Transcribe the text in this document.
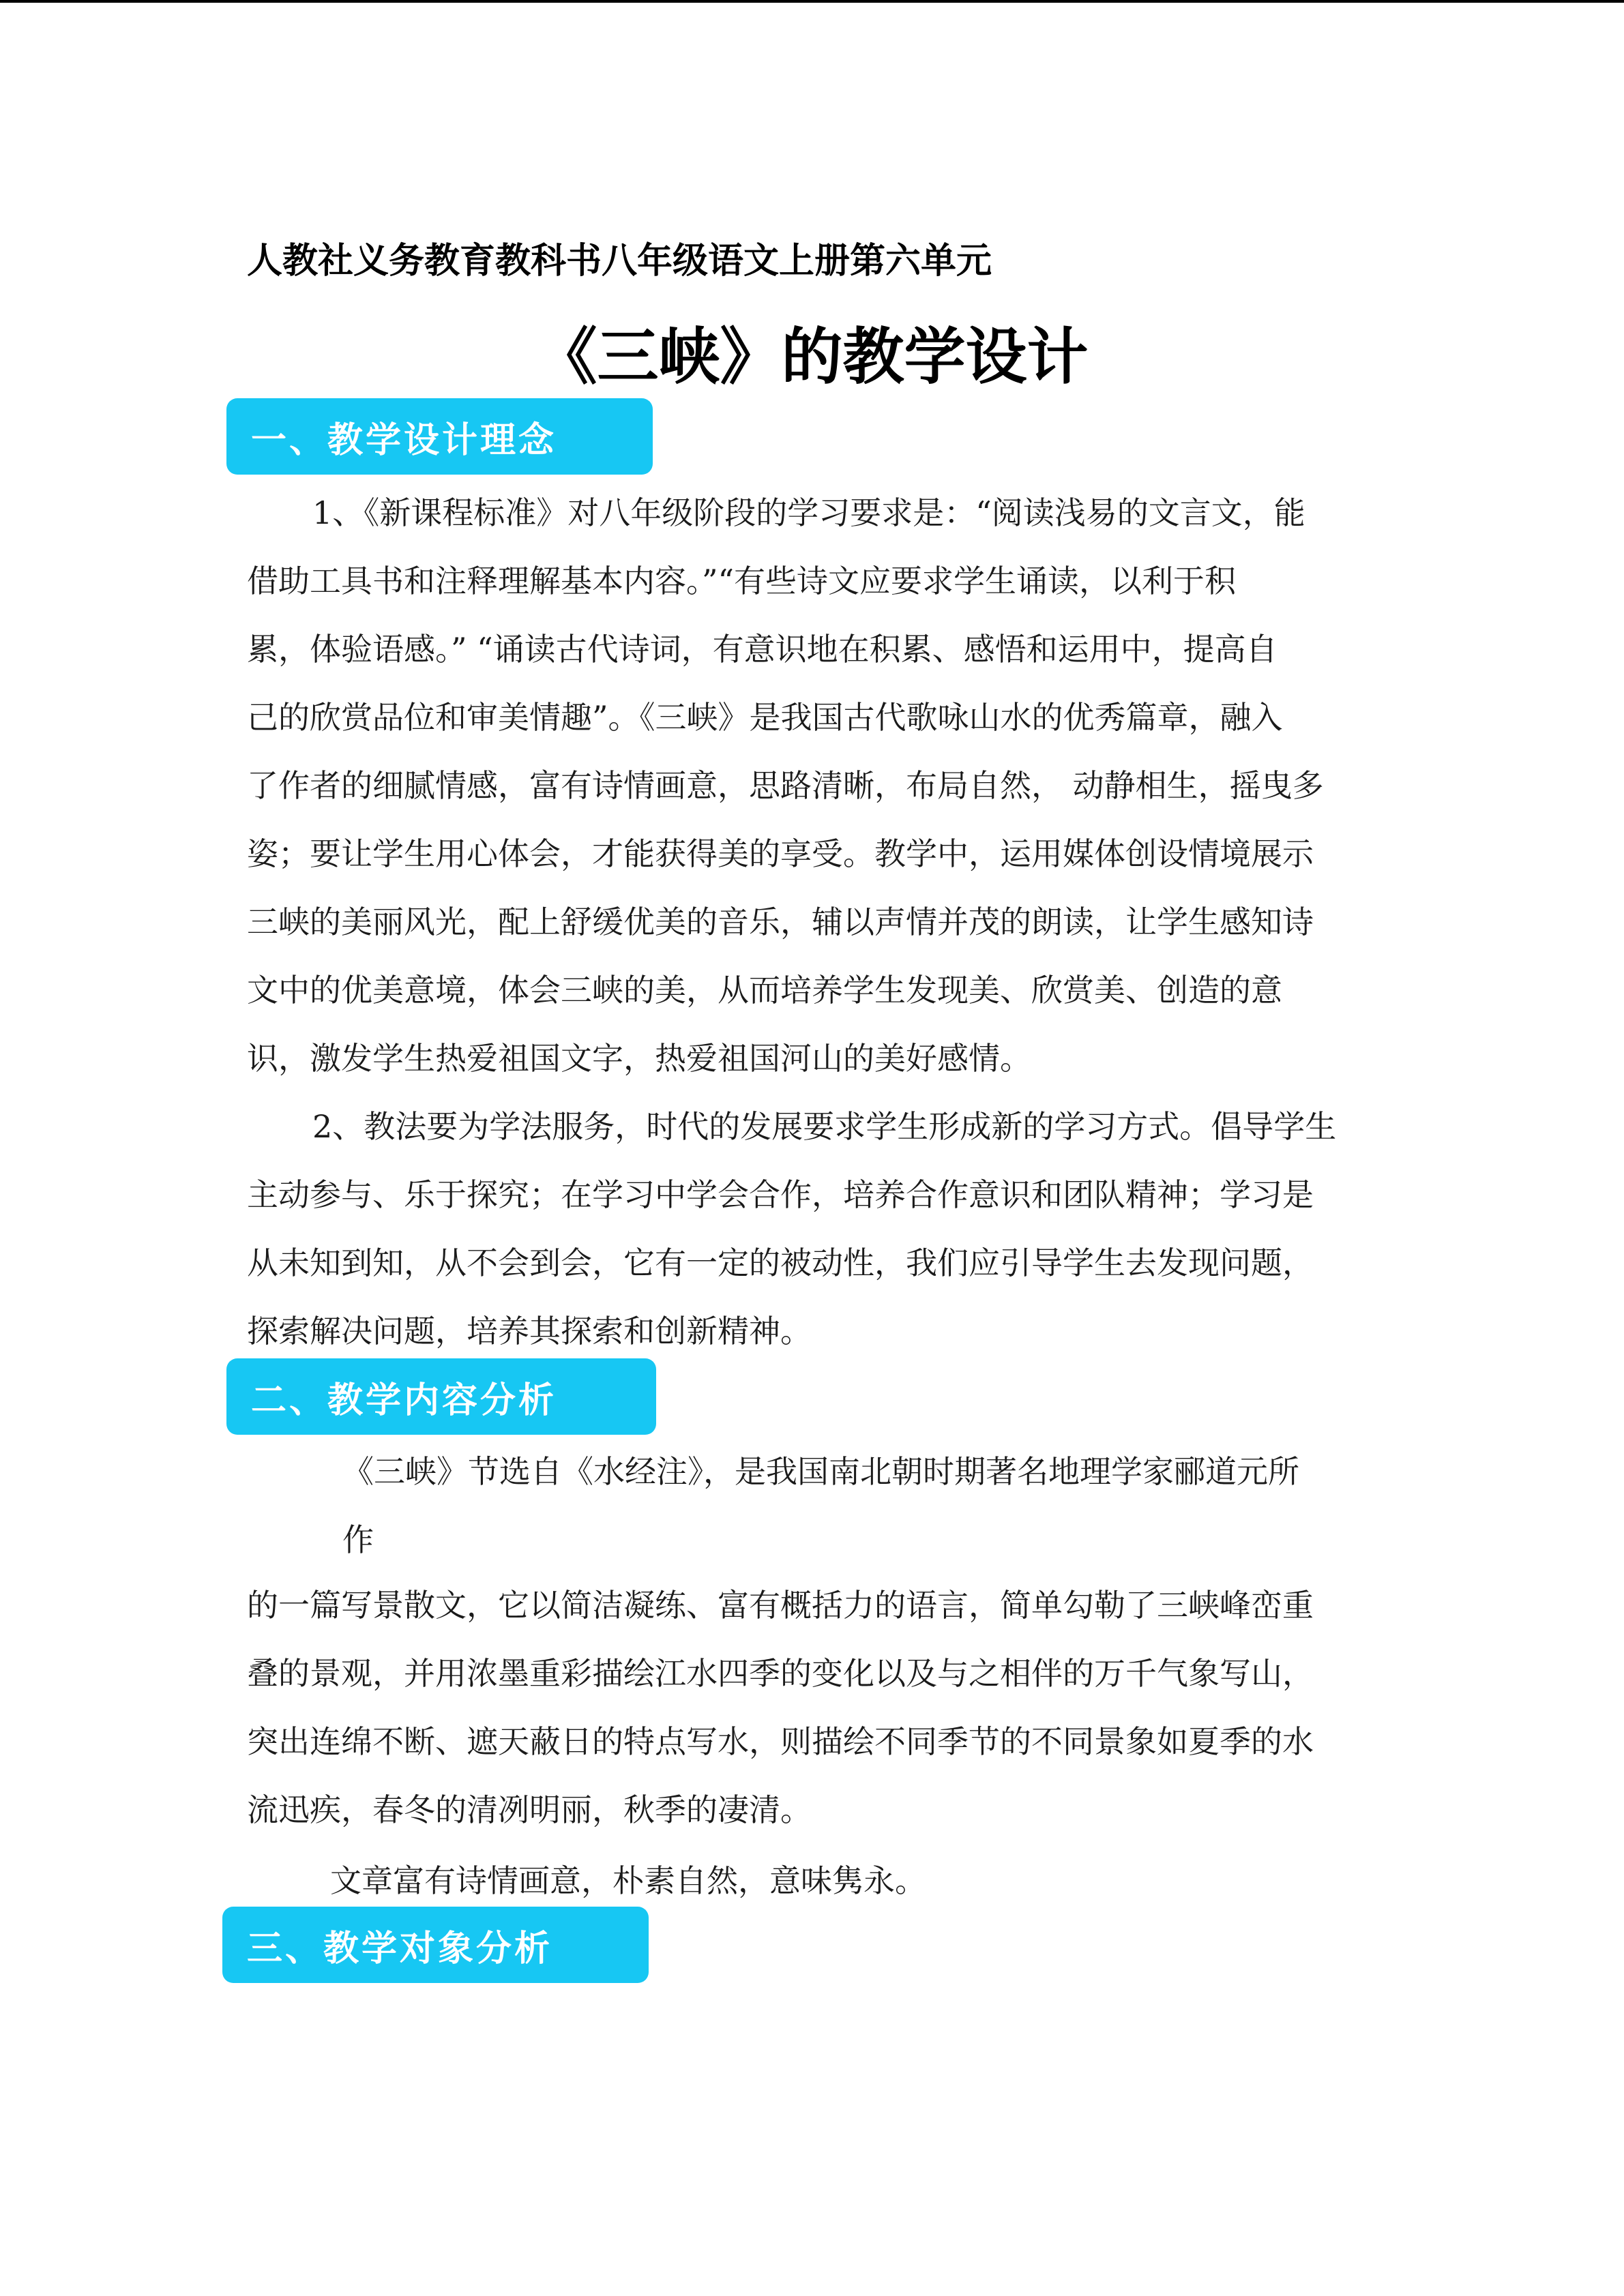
人教社义务教育教科书八年级语文上册第六单元
《三峡》的教学设计
一、教学设计理念
1、《新课程标准》对八年级阶段的学习要求是：“阅读浅易的文言文，能
借助工具书和注释理解基本内容。”“有些诗文应要求学生诵读，以利于积
累，体验语感。” “诵读古代诗词，有意识地在积累、感悟和运用中，提高自
己的欣赏品位和审美情趣”。《三峡》是我国古代歌咏山水的优秀篇章，融入
了作者的细腻情感，富有诗情画意，思路清晰，布局自然， 动静相生，摇曳多
姿；要让学生用心体会，才能获得美的享受。教学中，运用媒体创设情境展示
三峡的美丽风光，配上舒缓优美的音乐，辅以声情并茂的朗读，让学生感知诗
文中的优美意境，体会三峡的美，从而培养学生发现美、欣赏美、创造的意
识，激发学生热爱祖国文字，热爱祖国河山的美好感情。
2、教法要为学法服务，时代的发展要求学生形成新的学习方式。倡导学生
主动参与、乐于探究；在学习中学会合作，培养合作意识和团队精神；学习是
从未知到知，从不会到会，它有一定的被动性，我们应引导学生去发现问题，
探索解决问题，培养其探索和创新精神。
二、教学内容分析
《三峡》节选自《水经注》，是我国南北朝时期著名地理学家郦道元所
作
的一篇写景散文，它以简洁凝练、富有概括力的语言，简单勾勒了三峡峰峦重
叠的景观，并用浓墨重彩描绘江水四季的变化以及与之相伴的万千气象写山，
突出连绵不断、遮天蔽日的特点写水，则描绘不同季节的不同景象如夏季的水
流迅疾，春冬的清冽明丽，秋季的凄清。
文章富有诗情画意，朴素自然，意味隽永。
三、教学对象分析
